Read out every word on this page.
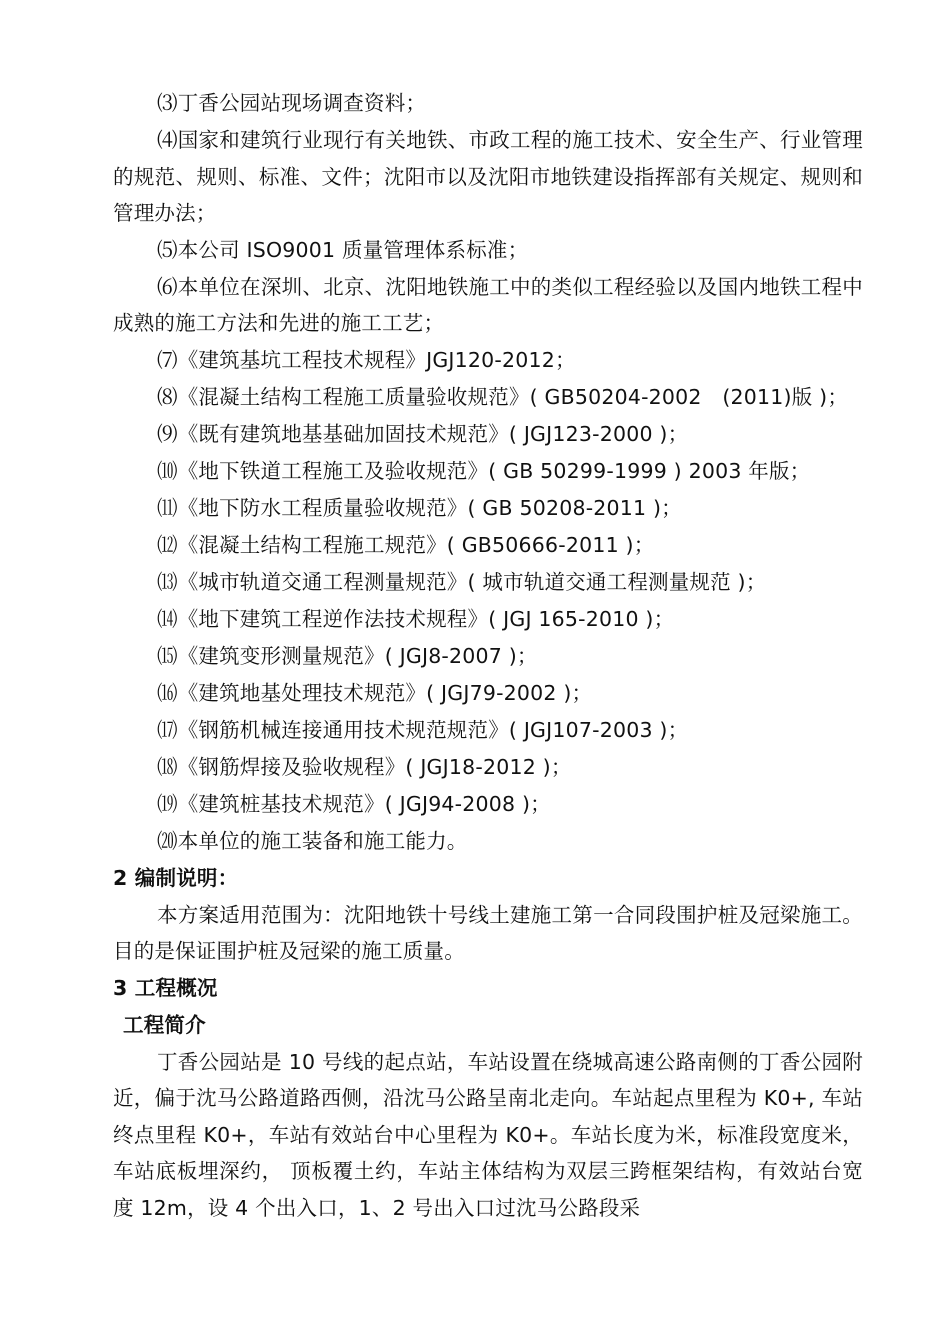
⑶丁香公园站现场调查资料；
⑷国家和建筑行业现行有关地铁、市政工程的施工技术、安全生产、行业管理的规范、规则、标准、文件；沈阳市以及沈阳市地铁建设指挥部有关规定、规则和管理办法；
⑸本公司 ISO9001 质量管理体系标准；
⑹本单位在深圳、北京、沈阳地铁施工中的类似工程经验以及国内地铁工程中成熟的施工方法和先进的施工工艺；
⑺《建筑基坑工程技术规程》JGJ120-2012；
⑻《混凝土结构工程施工质量验收规范》( GB50204-2002　(2011)版 )；
⑼《既有建筑地基基础加固技术规范》( JGJ123-2000 )；
⑽《地下铁道工程施工及验收规范》( GB 50299-1999 ) 2003 年版；
⑾《地下防水工程质量验收规范》( GB 50208-2011 )；
⑿《混凝土结构工程施工规范》( GB50666-2011 )；
⒀《城市轨道交通工程测量规范》( 城市轨道交通工程测量规范 )；
⒁《地下建筑工程逆作法技术规程》( JGJ 165-2010 )；
⒂《建筑变形测量规范》( JGJ8-2007 )；
⒃《建筑地基处理技术规范》( JGJ79-2002 )；
⒄《钢筋机械连接通用技术规范规范》( JGJ107-2003 )；
⒅《钢筋焊接及验收规程》( JGJ18-2012 )；
⒆《建筑桩基技术规范》( JGJ94-2008 )；
⒇本单位的施工装备和施工能力。
2 编制说明：
本方案适用范围为：沈阳地铁十号线土建施工第一合同段围护桩及冠梁施工。目的是保证围护桩及冠梁的施工质量。
3 工程概况
工程简介
丁香公园站是 10 号线的起点站，车站设置在绕城高速公路南侧的丁香公园附近，偏于沈马公路道路西侧，沿沈马公路呈南北走向。车站起点里程为 K0+, 车站终点里程 K0+，车站有效站台中心里程为 K0+。车站长度为米，标准段宽度米，车站底板埋深约， 顶板覆土约，车站主体结构为双层三跨框架结构，有效站台宽度 12m，设 4 个出入口，1、2 号出入口过沈马公路段采
